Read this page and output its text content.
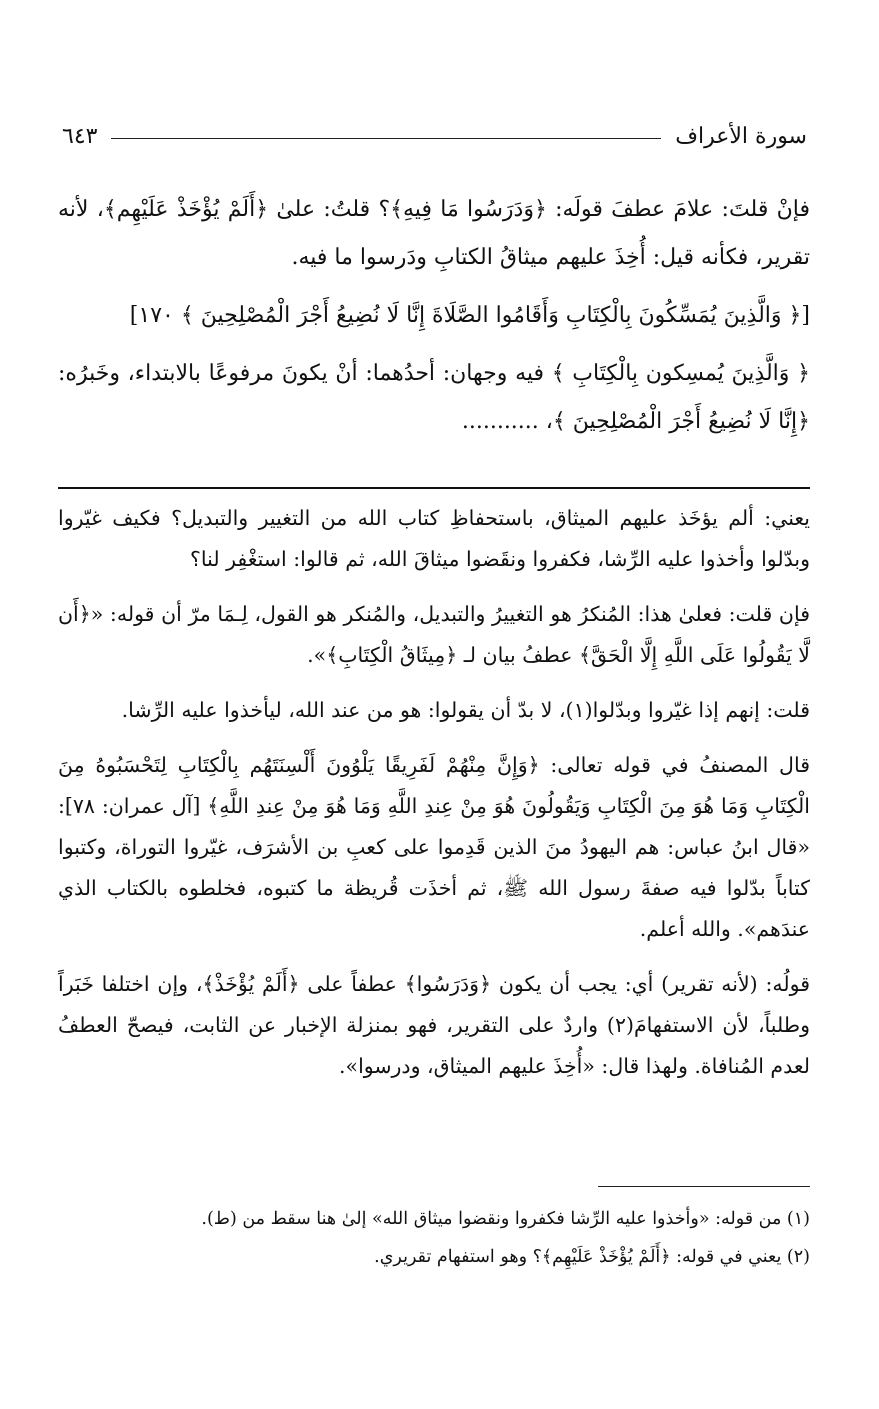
سورة الأعراف
٦٤٣

فإنْ قلتَ: علامَ عطفَ قولَه: ﴿وَدَرَسُوا مَا فِيهِ﴾؟ قلتُ: علىٰ ﴿أَلَمْ يُؤْخَذْ عَلَيْهِم﴾، لأنه تقرير، فكأنه قيل: أُخِذَ عليهم ميثاقُ الكتابِ ودَرسوا ما فيه.

[﴿ وَالَّذِينَ يُمَسِّكُونَ بِالْكِتَابِ وَأَقَامُوا الصَّلَاةَ إِنَّا لَا نُضِيعُ أَجْرَ الْمُصْلِحِينَ ﴾ ١٧٠]

﴿ وَالَّذِينَ يُمسِكون بِالْكِتَابِ ﴾ فيه وجهان: أحدُهما: أنْ يكونَ مرفوعًا بالابتداء، وخَبرُه: ﴿إِنَّا لَا نُضِيعُ أَجْرَ الْمُصْلِحِينَ ﴾، ...........

يعني: ألم يؤخَذ عليهم الميثاق، باستحفاظِ كتاب الله من التغيير والتبديل؟ فكيف غيّروا وبدّلوا وأخذوا عليه الرِّشا، فكفروا ونقَضوا ميثاقَ الله، ثم قالوا: استغْفِر لنا؟

فإن قلت: فعلىٰ هذا: المُنكرُ هو التغييرُ والتبديل، والمُنكر هو القول، لِـمَا مرّ أن قوله: «﴿أَن لَّا يَقُولُوا عَلَى اللَّهِ إِلَّا الْحَقَّ﴾ عطفُ بيان لـ ﴿مِيثَاقُ الْكِتَابِ﴾».

قلت: إنهم إذا غيّروا وبدّلوا(١)، لا بدّ أن يقولوا: هو من عند الله، ليأخذوا عليه الرِّشا.

قال المصنفُ في قوله تعالى: ﴿وَإِنَّ مِنْهُمْ لَفَرِيقًا يَلْوُونَ أَلْسِنَتَهُم بِالْكِتَابِ لِتَحْسَبُوهُ مِنَ الْكِتَابِ وَمَا هُوَ مِنَ الْكِتَابِ وَيَقُولُونَ هُوَ مِنْ عِندِ اللَّهِ وَمَا هُوَ مِنْ عِندِ اللَّهِ﴾ [آل عمران: ٧٨]: «قال ابنُ عباس: هم اليهودُ منَ الذين قَدِموا على كعبِ بن الأشرَف، غيّروا التوراة، وكتبوا كتاباً بدّلوا فيه صفةَ رسول الله ﷺ، ثم أخذَت قُريظة ما كتبوه، فخلطوه بالكتاب الذي عندَهم». والله أعلم.

قولُه: (لأنه تقرير) أي: يجب أن يكون ﴿وَدَرَسُوا﴾ عطفاً على ﴿أَلَمْ يُؤْخَذْ﴾، وإن اختلفا خَبَراً وطلباً، لأن الاستفهامَ(٢) واردٌ على التقرير، فهو بمنزلة الإخبار عن الثابت، فيصحّ العطفُ لعدم المُنافاة. ولهذا قال: «أُخِذَ عليهم الميثاق، ودرسوا».

(١) من قوله: «وأخذوا عليه الرِّشا فكفروا ونقضوا ميثاق الله» إلىٰ هنا سقط من (ط).

(٢) يعني في قوله: ﴿أَلَمْ يُؤْخَذْ عَلَيْهِم﴾؟ وهو استفهام تقريري.
